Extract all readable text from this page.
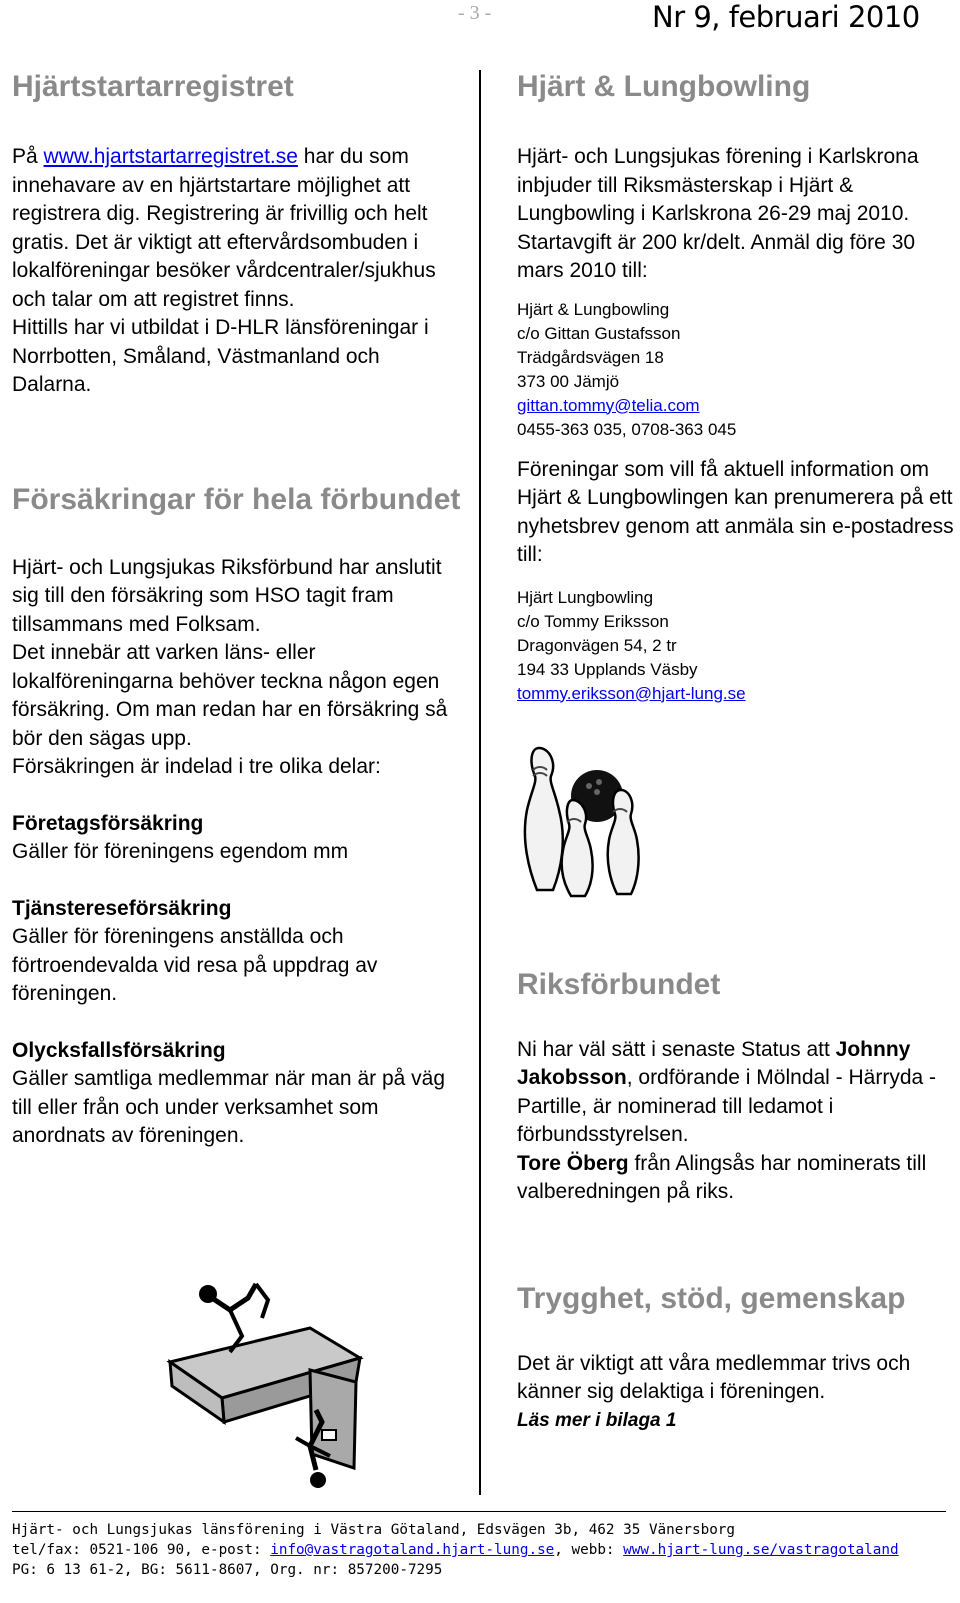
- 3 -	Nr 9, februari 2010
Hjärtstartarregistret

På www.hjartstartarregistret.se har du som innehavare av en hjärtstartare möjlighet att registrera dig. Registrering är frivillig och helt gratis. Det är viktigt att eftervårdsombuden i lokalföreningar besöker vårdcentraler/sjukhus och talar om att registret finns.

Hittills har vi utbildat i D-HLR länsföreningar i Norrbotten, Småland, Västmanland och Dalarna.

Försäkringar för hela förbundet

Hjärt- och Lungsjukas Riksförbund har anslutit sig till den försäkring som HSO tagit fram tillsammans med Folksam.

Det innebär att varken läns- eller lokalföreningarna behöver teckna någon egen försäkring. Om man redan har en försäkring så bör den sägas upp.

Försäkringen är indelad i tre olika delar:

Företagsförsäkring

Gäller för föreningens egendom mm

Tjänstereseförsäkring

Gäller för föreningens anställda och förtroendevalda vid resa på uppdrag av föreningen.

Olycksfallsförsäkring

Gäller samtliga medlemmar när man är på väg till eller från och under verksamhet som anordnats av föreningen.

Hjärt & Lungbowling

Hjärt- och Lungsjukas förening i Karlskrona inbjuder till Riksmästerskap i Hjärt & Lungbowling i Karlskrona 26-29 maj 2010. Startavgift är 200 kr/delt. Anmäl dig före 30 mars 2010 till:

Hjärt & Lungbowling

c/o Gittan Gustafsson

Trädgårdsvägen 18

373 00 Jämjö

gittan.tommy@telia.com

0455-363 035, 0708-363 045

Föreningar som vill få aktuell information om Hjärt & Lungbowlingen kan prenumerera på ett nyhetsbrev genom att anmäla sin e-postadress till:

Hjärt Lungbowling

c/o Tommy Eriksson

Dragonvägen 54, 2 tr

194 33 Upplands Väsby

tommy.eriksson@hjart-lung.se

Riksförbundet

Ni har väl sätt i senaste Status att Johnny Jakobsson, ordförande i Mölndal - Härryda - Partille, är nominerad till ledamot i förbundsstyrelsen.

Tore Öberg från Alingsås har nominerats till valberedningen på riks.

Trygghet, stöd, gemenskap

Det är viktigt att våra medlemmar trivs och känner sig delaktiga i föreningen.

Läs mer i bilaga 1

Hjärt- och Lungsjukas länsförening i Västra Götaland, Edsvägen 3b, 462 35 Vänersborg
tel/fax: 0521-106 90, e-post: info@vastragotaland.hjart-lung.se, webb: www.hjart-lung.se/vastragotaland
PG: 6 13 61-2, BG: 5611-8607, Org. nr: 857200-7295
